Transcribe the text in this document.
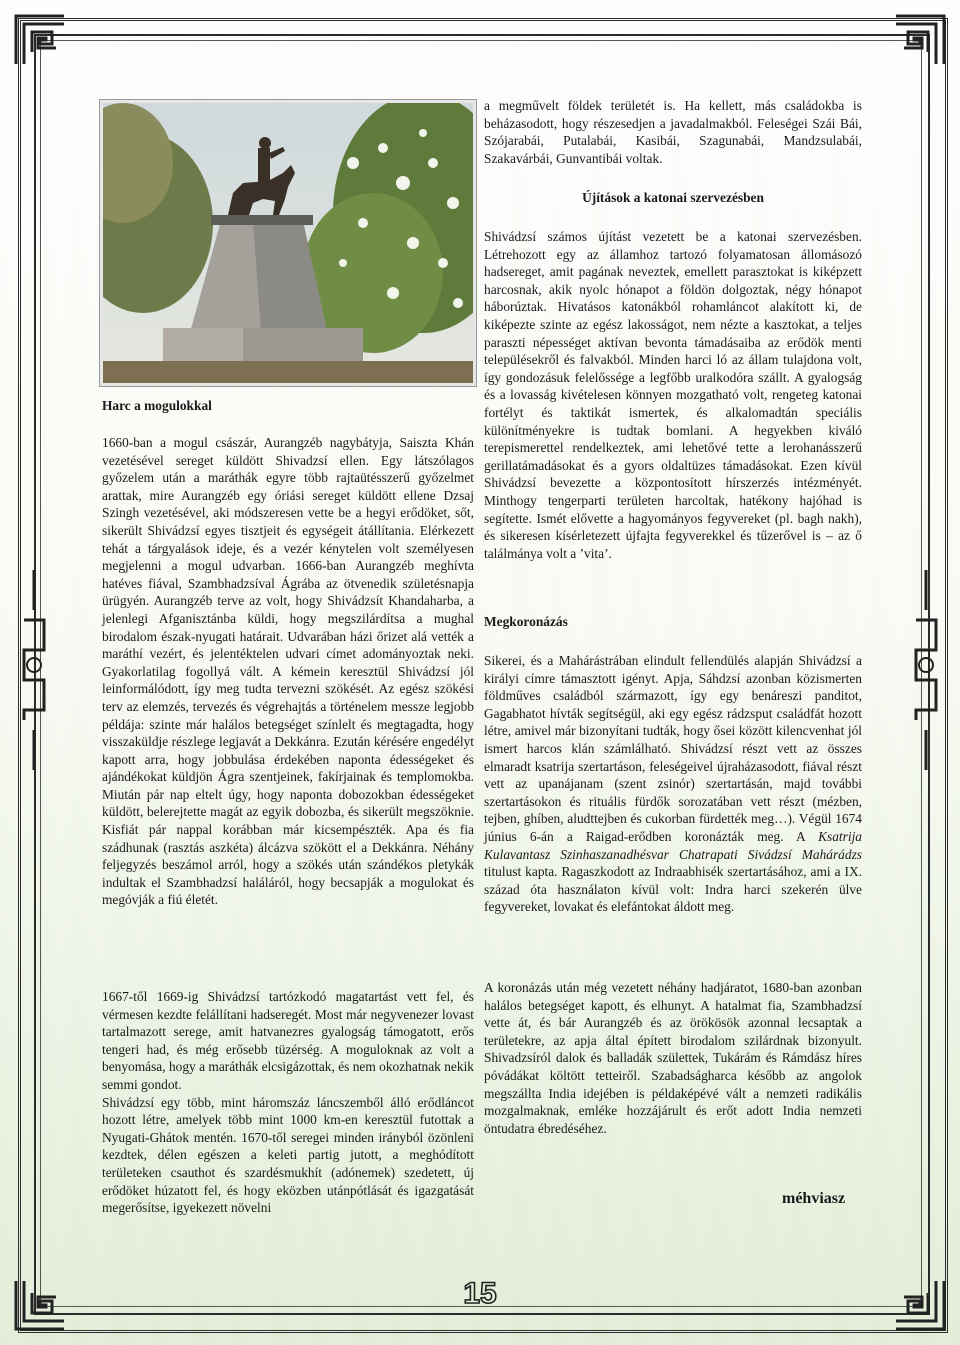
a megművelt földek területét is. Ha kellett, más családokba is beházasodott, hogy részesedjen a javadalmakból. Feleségei Szái Bái, Szójarabái, Putalabái, Kasibái, Szagunabái, Mandzsulabái, Szakavárbái, Gunvantibái voltak.

Újítások a katonai szervezésben

Shivádzsí számos újítást vezetett be a katonai szervezésben. Létrehozott egy az államhoz tartozó folyamatosan állomásozó hadsereget, amit pagának neveztek, emellett parasztokat is kiképzett harcosnak, akik nyolc hónapot a földön dolgoztak, négy hónapot háborúztak. Hivatásos katonákból rohamláncot alakított ki, de kiképezte szinte az egész lakosságot, nem nézte a kasztokat, a teljes paraszti népességet aktívan bevonta támadásaiba az erődök menti településekről és falvakból. Minden harci ló az állam tulajdona volt, így gondozásuk felelőssége a legfőbb uralkodóra szállt. A gyalogság és a lovasság kivételesen könnyen mozgatható volt, rengeteg katonai fortélyt és taktikát ismertek, és alkalomadtán speciális különítményekre is tudtak bomlani. A hegyekben kiváló terepismerettel rendelkeztek, ami lehetővé tette a lerohanásszerű gerillatámadásokat és a gyors oldaltüzes támadásokat. Ezen kívül Shivádzsí bevezette a központosított hírszerzés intézményét. Minthogy tengerparti területen harcoltak, hatékony hajóhad is segítette. Ismét elővette a hagyományos fegyvereket (pl. bagh nakh), és sikeresen kísérletezett újfajta fegyverekkel és tűzerővel is – az ő találmánya volt a ’vita’.

Megkoronázás

Sikerei, és a Mahárástrában elindult fellendülés alapján Shivádzsí a királyi címre támasztott igényt. Apja, Sáhdzsí azonban közismerten földműves családból származott, így egy benáreszi panditot, Gagabhatot hívták segítségül, aki egy egész rádzsput családfát hozott létre, amivel már bizonyítani tudták, hogy ősei között kilencvenhat jól ismert harcos klán számlálható. Shivádzsí részt vett az összes elmaradt ksatrija szertartáson, feleségeivel újraházasodott, fiával részt vett az upanájanam (szent zsinór) szertartásán, majd további szertartásokon és rituális fürdők sorozatában vett részt (mézben, tejben, ghíben, aludttejben és cukorban fürdették meg…). Végül 1674 június 6-án a Raigad-erődben koronázták meg. A Ksatrija Kulavantasz Szinhaszanadhésvar Chatrapati Sivádzsí Mahárádzs titulust kapta. Ragaszkodott az Indraabhisék szertartásához, ami a IX. század óta használaton kívül volt: Indra harci szekerén ülve fegyvereket, lovakat és elefántokat áldott meg.

A koronázás után még vezetett néhány hadjáratot, 1680-ban azonban halálos betegséget kapott, és elhunyt. A hatalmat fia, Szambhadzsí vette át, és bár Aurangzéb és az örökösök azonnal lecsaptak a területekre, az apja által épített birodalom szilárdnak bizonyult. Shivadzsíról dalok és balladák születtek, Tukárám és Rámdász híres póvádákat költött tetteiről. Szabadságharca később az angolok megszállta India idejében is példaképévé vált a nemzeti radikális mozgalmaknak, emléke hozzájárult és erőt adott India nemzeti öntudatra ébredéséhez.

méhviasz
Harc a mogulokkal

1660-ban a mogul császár, Aurangzéb nagybátyja, Saiszta Khán vezetésével sereget küldött Shivadzsí ellen. Egy látszólagos győzelem után a maráthák egyre több rajtaütésszerű győzelmet arattak, mire Aurangzéb egy óriási sereget küldött ellene Dzsaj Szingh vezetésével, aki módszeresen vette be a hegyi erődöket, sőt, sikerült Shivádzsí egyes tisztjeit és egységeit átállítania. Elérkezett tehát a tárgyalások ideje, és a vezér kénytelen volt személyesen megjelenni a mogul udvarban. 1666-ban Aurangzéb meghívta hatéves fiával, Szambhadzsíval Ágrába az ötvenedik születésnapja ürügyén. Aurangzéb terve az volt, hogy Shivádzsít Khandaharba, a jelenlegi Afganisztánba küldi, hogy megszilárdítsa a mughal birodalom észak-nyugati határait. Udvarában házi őrizet alá vették a maráthí vezért, és jelentéktelen udvari címet adományoztak neki. Gyakorlatilag fogollyá vált. A kémein keresztül Shivádzsí jól leinformálódott, így meg tudta tervezni szökését. Az egész szökési terv az elemzés, tervezés és végrehajtás a történelem messze legjobb példája: szinte már halálos betegséget színlelt és megtagadta, hogy visszaküldje részlege legjavát a Dekkánra. Ezután kérésére engedélyt kapott arra, hogy jobbulása érdekében naponta édességeket és ajándékokat küldjön Ágra szentjeinek, fakírjainak és templomokba. Miután pár nap eltelt úgy, hogy naponta dobozokban édességeket küldött, belerejtette magát az egyik dobozba, és sikerült megszöknie. Kisfiát pár nappal korábban már kicsempészték. Apa és fia szádhunak (rasztás aszkéta) álcázva szökött el a Dekkánra. Néhány feljegyzés beszámol arról, hogy a szökés után szándékos pletykák indultak el Szambhadzsí haláláról, hogy becsapják a mogulokat és megóvják a fiú életét.

1667-től 1669-ig Shivádzsí tartózkodó magatartást vett fel, és vérmesen kezdte felállítani hadseregét. Most már negyvenezer lovast tartalmazott serege, amit hatvanezres gyalogság támogatott, erős tengeri had, és még erősebb tüzérség. A moguloknak az volt a benyomása, hogy a maráthák elcsigázottak, és nem okozhatnak nekik semmi gondot.

Shivádzsí egy több, mint háromszáz láncszemből álló erődláncot hozott létre, amelyek több mint 1000 km-en keresztül futottak a Nyugati-Ghátok mentén. 1670-től seregei minden irányból özönleni kezdtek, délen egészen a keleti partig jutott, a meghódított területeken csauthot és szardésmukhít (adónemek) szedetett, új erődöket húzatott fel, és hogy eközben utánpótlását és igazgatását megerősítse, igyekezett növelni

15
